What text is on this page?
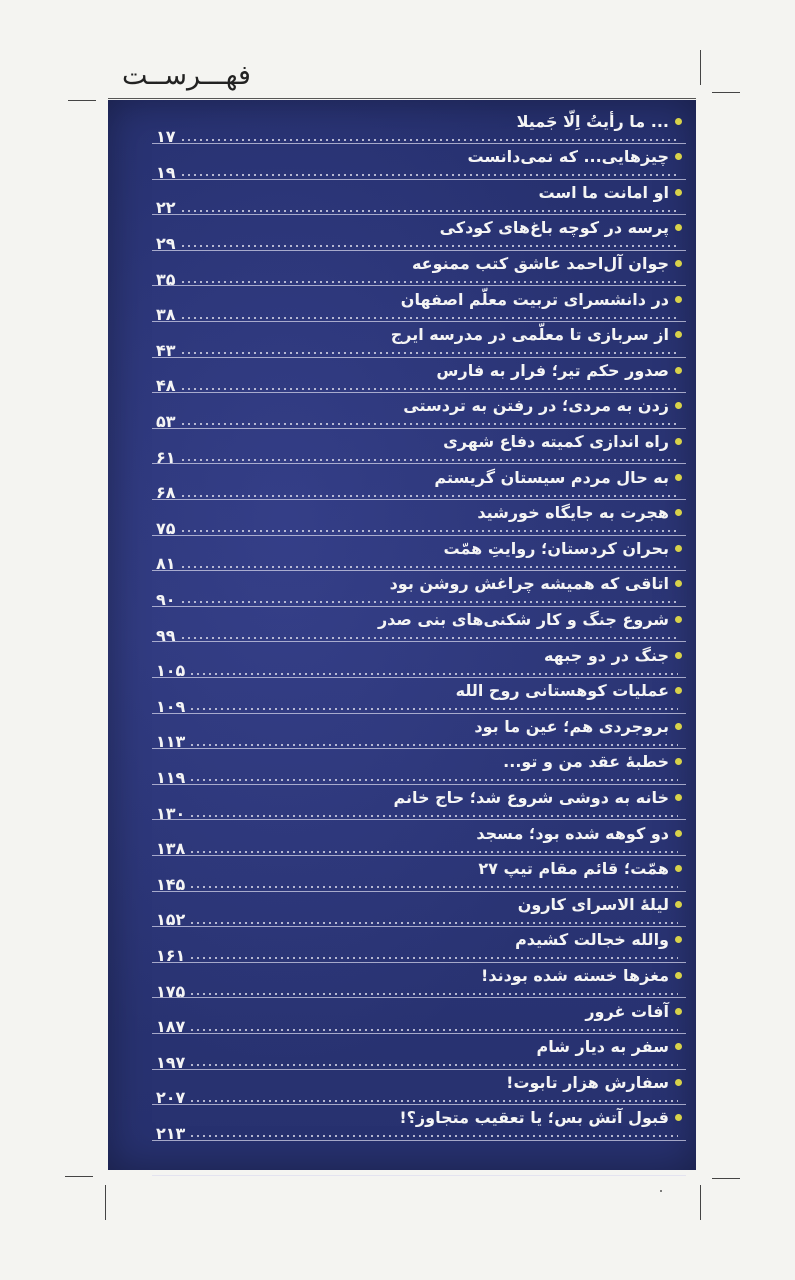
فهـــرســت
... ما رأیتُ اِلّا جَمیلا
چیزهایی... که نمی‌دانست
۱۷
او امانت ما است
۱۹
پرسه در کوچه باغ‌های کودکی
۲۲
جوان آل‌احمد عاشق کتب ممنوعه
۲۹
در دانشسرای تربیت معلّم اصفهان
۳۵
از سربازی تا معلّمی در مدرسه ایرج
۳۸
صدور حکم تیر؛ فرار به فارس
۴۳
زدن به مردی؛ در رفتن به تردستی
۴۸
راه اندازی کمیته دفاع شهری
۵۳
به حال مردم سیستان گریستم
۶۱
هجرت به جایگاه خورشید
۶۸
بحران کردستان؛ روایتِ همّت
۷۵
اتاقی که همیشه چراغش روشن بود
۸۱
شروع جنگ و کار شکنی‌های بنی صدر
۹۰
جنگ در دو جبهه
۹۹
عملیات کوهستانی روح الله
۱۰۵
بروجردی هم؛ عین ما بود
۱۰۹
خطبهٔ عقد من و تو...
۱۱۳
خانه به دوشی شروع شد؛ حاج خانم
۱۱۹
دو کوهه شده بود؛ مسجد
۱۳۰
همّت؛ قائم مقام تیپ ۲۷
۱۳۸
لیلهٔ الاسرای کارون
۱۴۵
والله خجالت کشیدم
۱۵۲
مغزها خسته شده بودند!
۱۶۱
آفات غرور
۱۷۵
سفر به دیار شام
۱۸۷
سفارش هزار تابوت!
۱۹۷
قبول آتش بس؛ یا تعقیب متجاوز؟!
۲۰۷
۲۱۳
